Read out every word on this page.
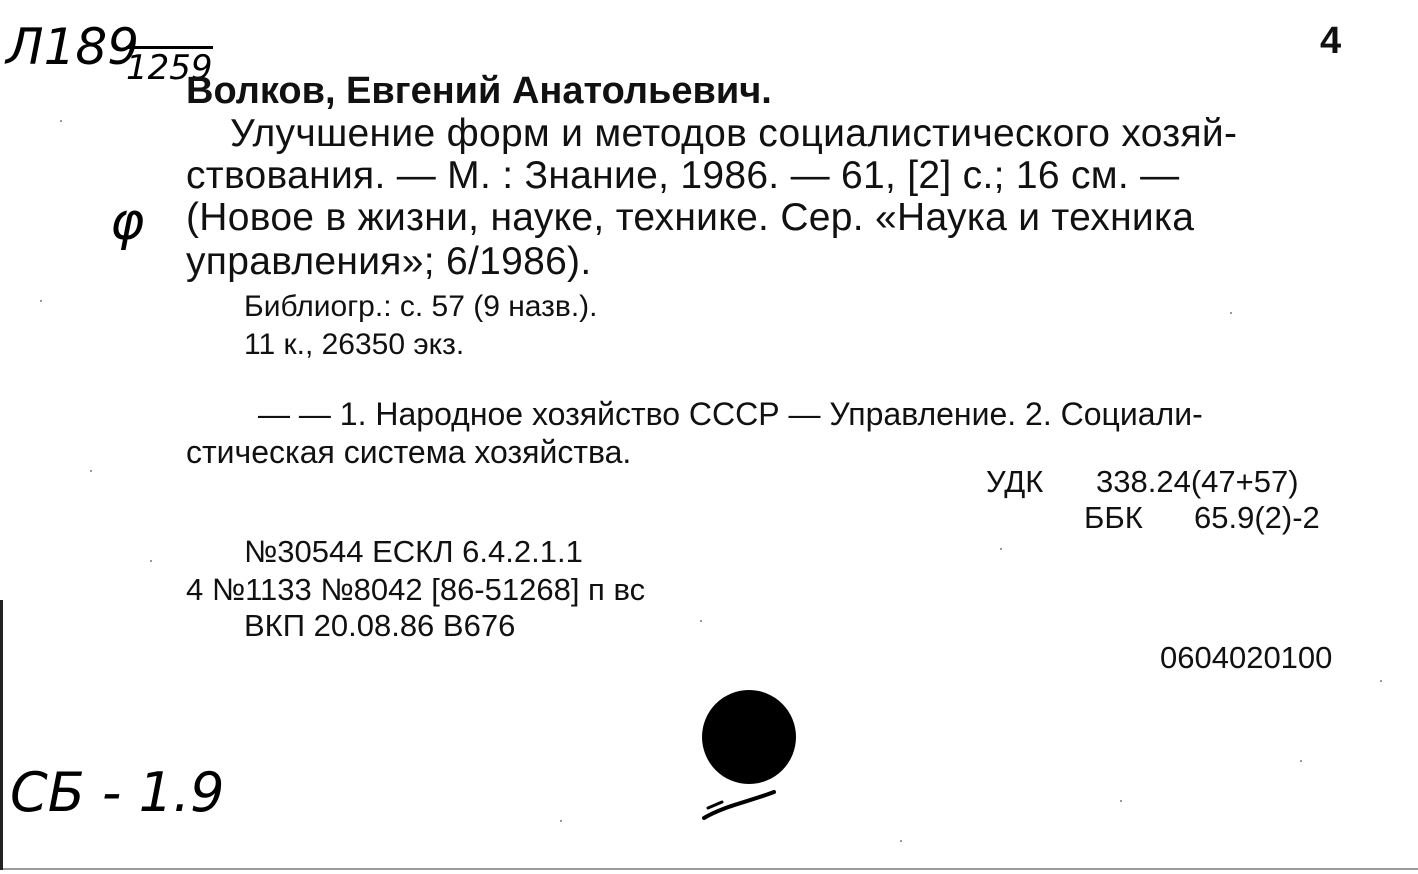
Л189
1259
φ
СБ - 1.9
4
Волков, Евгений Анатольевич.
Улучшение форм и методов социалистического хозяй-
ствования. — М. : Знание, 1986. — 61, [2] с.; 16 см. —
(Новое в жизни, науке, технике. Сер. «Наука и техника
управления»; 6/1986).
Библиогр.: с. 57 (9 назв.).
11 к., 26350 экз.
— — 1. Народное хозяйство СССР — Управление. 2. Социали-
стическая система хозяйства.
УДК 338.24(47+57)
ББК 65.9(2)-2
№30544 ЕСКЛ 6.4.2.1.1
4 №1133 №8042 [86-51268] п вс
ВКП 20.08.86 В676
0604020100
